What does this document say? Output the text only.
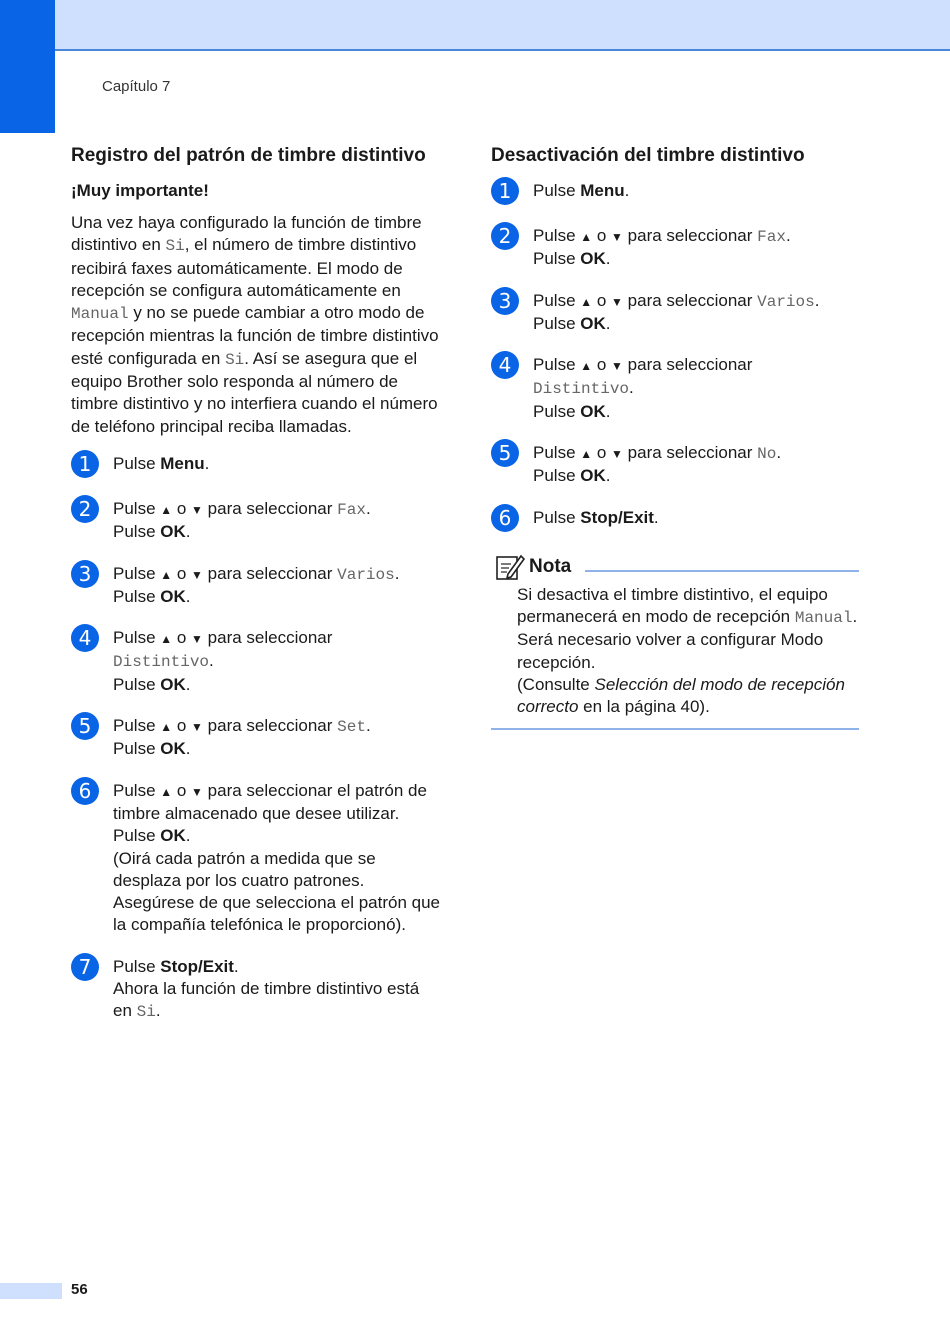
Capítulo 7
Registro del patrón de timbre distintivo
¡Muy importante!

Una vez haya configurado la función de timbre distintivo en Si, el número de timbre distintivo recibirá faxes automáticamente. El modo de recepción se configura automáticamente en Manual y no se puede cambiar a otro modo de recepción mientras la función de timbre distintivo esté configurada en Si. Así se asegura que el equipo Brother solo responda al número de timbre distintivo y no interfiera cuando el número de teléfono principal reciba llamadas.

1	Pulse Menu.
2	Pulse ▲ o ▼ para seleccionar Fax.
Pulse OK.
3	Pulse ▲ o ▼ para seleccionar Varios.
Pulse OK.
4	Pulse ▲ o ▼ para seleccionar
Distintivo.
Pulse OK.
5	Pulse ▲ o ▼ para seleccionar Set.
Pulse OK.
6	Pulse ▲ o ▼ para seleccionar el patrón de timbre almacenado que desee utilizar.
Pulse OK.
(Oirá cada patrón a medida que se desplaza por los cuatro patrones. Asegúrese de que selecciona el patrón que la compañía telefónica le proporcionó).
7	Pulse Stop/Exit.
Ahora la función de timbre distintivo está en Si.
Desactivación del timbre distintivo
1	Pulse Menu.
2	Pulse ▲ o ▼ para seleccionar Fax.
Pulse OK.
3	Pulse ▲ o ▼ para seleccionar Varios.
Pulse OK.
4	Pulse ▲ o ▼ para seleccionar
Distintivo.
Pulse OK.
5	Pulse ▲ o ▼ para seleccionar No.
Pulse OK.
6	Pulse Stop/Exit.
Nota
Si desactiva el timbre distintivo, el equipo permanecerá en modo de recepción Manual. Será necesario volver a configurar Modo recepción.
(Consulte Selección del modo de recepción correcto en la página 40).
56
